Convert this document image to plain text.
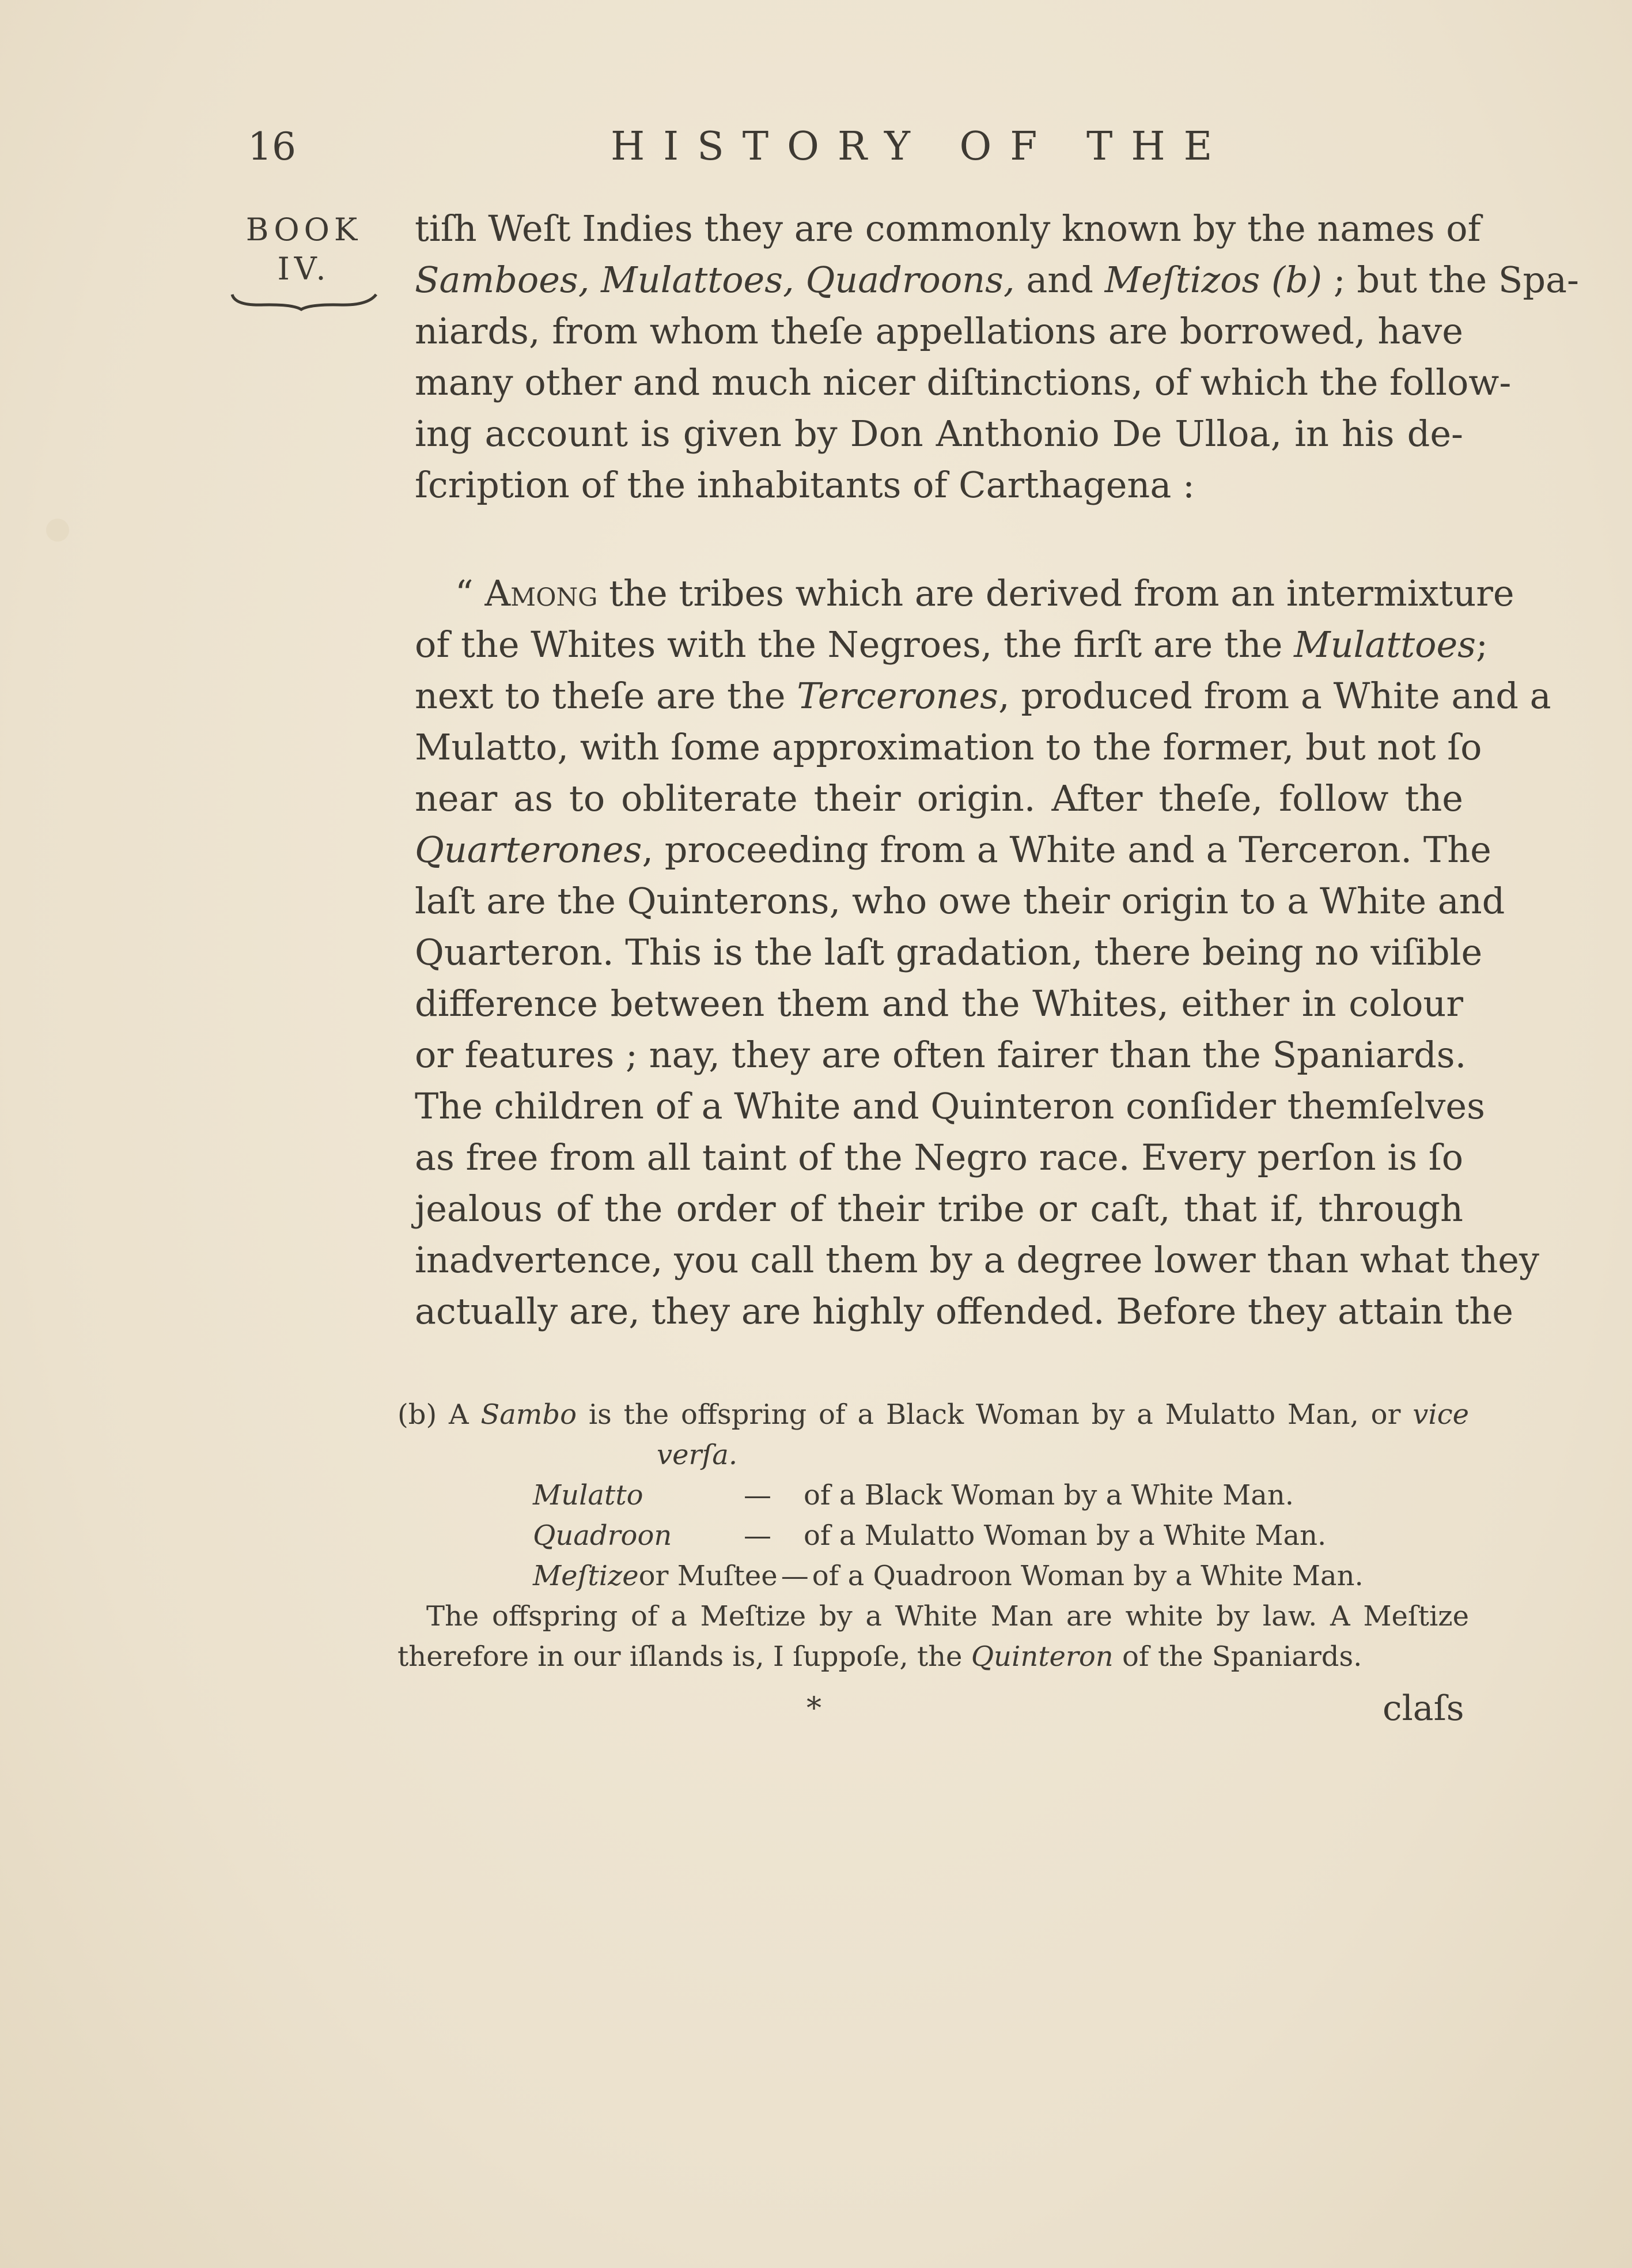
16	HISTORY OF THE
BOOK
IV.
tiſh Weſt Indies they are commonly known by the names of
Samboes, Mulattoes, Quadroons, and Meſtizos (b) ; but the Spa-
niards, from whom theſe appellations are borrowed, have
many other and much nicer diſtinctions, of which the follow-
ing account is given by Don Anthonio De Ulloa, in his de-
ſcription of the inhabitants of Carthagena :
“ Among the tribes which are derived from an intermixture
of the Whites with the Negroes, the firſt are the Mulattoes;
next to theſe are the Tercerones, produced from a White and a
Mulatto, with ſome approximation to the former, but not ſo
near as to obliterate their origin. After theſe, follow the
Quarterones, proceeding from a White and a Terceron. The
laſt are the Quinterons, who owe their origin to a White and
Quarteron. This is the laſt gradation, there being no viſible
difference between them and the Whites, either in colour
or features ; nay, they are often fairer than the Spaniards.
The children of a White and Quinteron conſider themſelves
as free from all taint of the Negro race. Every perſon is ſo
jealous of the order of their tribe or caſt, that if, through
inadvertence, you call them by a degree lower than what they
actually are, they are highly offended. Before they attain the
(b) A Sambo is the offspring of a Black Woman by a Mulatto Man, or vice
verſa.
Mulatto	—	of a Black Woman by a White Man.
Quadroon	—	of a Mulatto Woman by a White Man.
Meſtize or Muſtee — of a Quadroon Woman by a White Man.
The offspring of a Meſtize by a White Man are white by law. A Meſtize
therefore in our iſlands is, I ſuppoſe, the Quinteron of the Spaniards.
*	claſs
